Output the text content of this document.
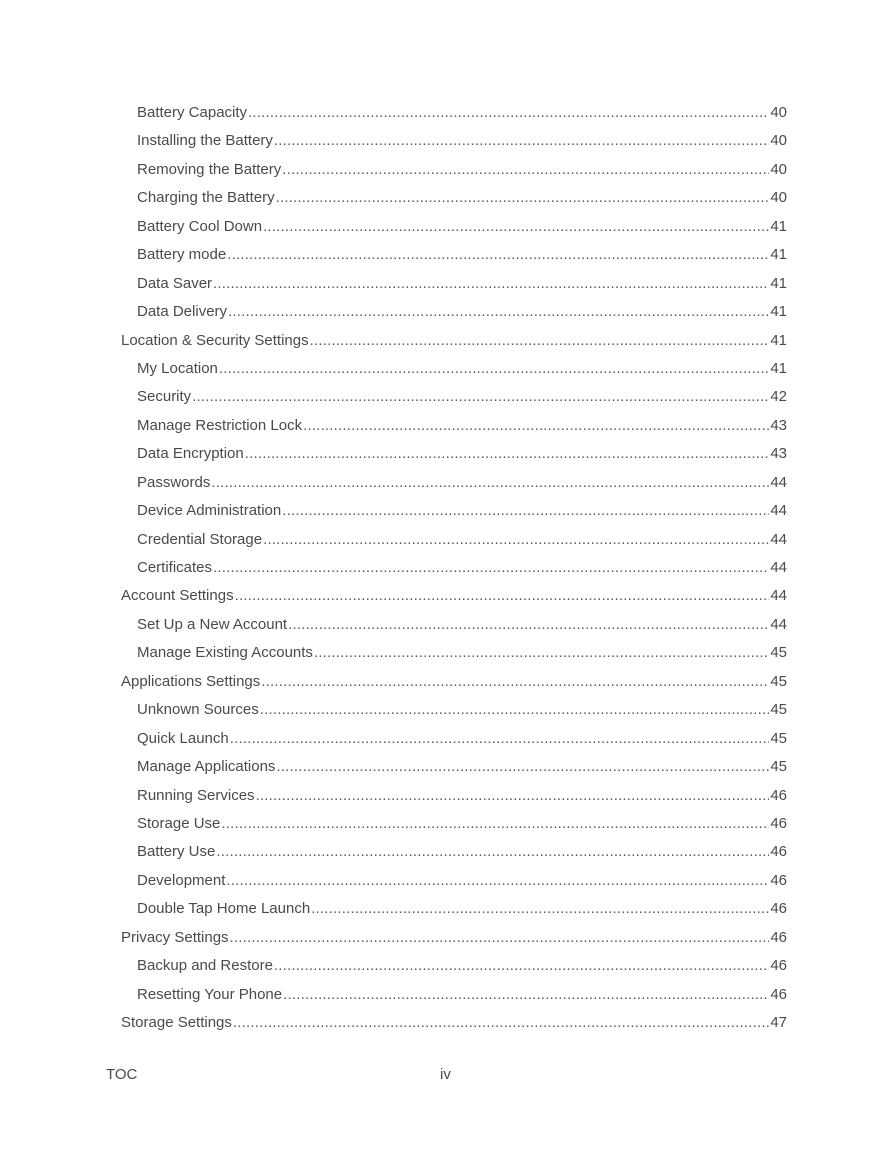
Battery Capacity .....	40
Installing the Battery .....	40
Removing the Battery .....	40
Charging the Battery .....	40
Battery Cool Down .....	41
Battery mode .....	41
Data Saver .....	41
Data Delivery .....	41
Location & Security Settings .....	41
My Location .....	41
Security .....	42
Manage Restriction Lock .....	43
Data Encryption .....	43
Passwords .....	44
Device Administration .....	44
Credential Storage .....	44
Certificates .....	44
Account Settings .....	44
Set Up a New Account .....	44
Manage Existing Accounts .....	45
Applications Settings .....	45
Unknown Sources .....	45
Quick Launch .....	45
Manage Applications .....	45
Running Services .....	46
Storage Use .....	46
Battery Use .....	46
Development .....	46
Double Tap Home Launch .....	46
Privacy Settings .....	46
Backup and Restore .....	46
Resetting Your Phone .....	46
Storage Settings .....	47
TOC	iv
